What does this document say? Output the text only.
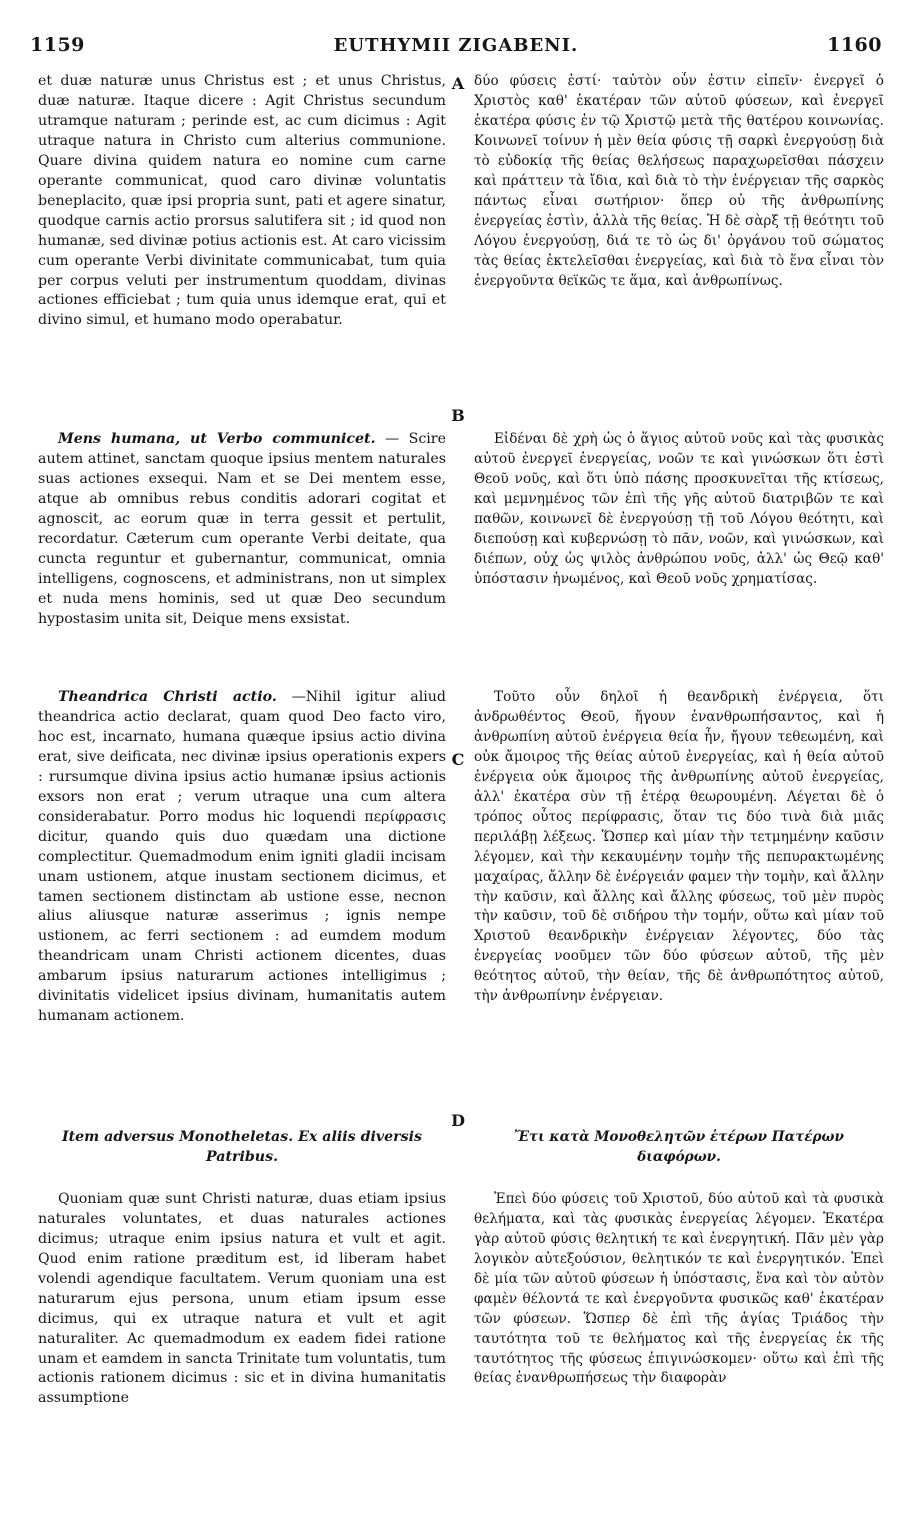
1159	EUTHYMII ZIGABENI.	1160
A
B
C
D

et duæ naturæ unus Christus est ; et unus Christus, duæ naturæ. Itaque dicere : Agit Christus secundum utramque naturam ; perinde est, ac cum dicimus : Agit utraque natura in Christo cum alterius communione. Quare divina quidem natura eo nomine cum carne operante communicat, quod caro divinæ voluntatis beneplacito, quæ ipsi propria sunt, pati et agere sinatur, quodque carnis actio prorsus salutifera sit ; id quod non humanæ, sed divinæ potius actionis est. At caro vicissim cum operante Verbi divinitate communicabat, tum quia per corpus veluti per instrumentum quoddam, divinas actiones efficiebat ; tum quia unus idemque erat, qui et divino simul, et humano modo operabatur.

Mens humana, ut Verbo communicet. — Scire autem attinet, sanctam quoque ipsius mentem naturales suas actiones exsequi. Nam et se Dei mentem esse, atque ab omnibus rebus conditis adorari cogitat et agnoscit, ac eorum quæ in terra gessit et pertulit, recordatur. Cæterum cum operante Verbi deitate, qua cuncta reguntur et gubernantur, communicat, omnia intelligens, cognoscens, et administrans, non ut simplex et nuda mens hominis, sed ut quæ Deo secundum hypostasim unita sit, Deique mens exsistat.

Theandrica Christi actio. —Nihil igitur aliud theandrica actio declarat, quam quod Deo facto viro, hoc est, incarnato, humana quæque ipsius actio divina erat, sive deificata, nec divinæ ipsius operationis expers : rursumque divina ipsius actio humanæ ipsius actionis exsors non erat ; verum utraque una cum altera considerabatur. Porro modus hic loquendi περίφρασις dicitur, quando quis duo quædam una dictione complectitur. Quemadmodum enim igniti gladii incisam unam ustionem, atque inustam sectionem dicimus, et tamen sectionem distinctam ab ustione esse, necnon alius aliusque naturæ asserimus ; ignis nempe ustionem, ac ferri sectionem : ad eumdem modum theandricam unam Christi actionem dicentes, duas ambarum ipsius naturarum actiones intelligimus ; divinitatis videlicet ipsius divinam, humanitatis autem humanam actionem.

Item adversus Monotheletas. Ex aliis diversis Patribus.

Quoniam quæ sunt Christi naturæ, duas etiam ipsius naturales voluntates, et duas naturales actiones dicimus; utraque enim ipsius natura et vult et agit. Quod enim ratione præditum est, id liberam habet volendi agendique facultatem. Verum quoniam una est naturarum ejus persona, unum etiam ipsum esse dicimus, qui ex utraque natura et vult et agit naturaliter. Ac quemadmodum ex eadem fidei ratione unam et eamdem in sancta Trinitate tum voluntatis, tum actionis rationem dicimus : sic et in divina humanitatis assumptione

δύο φύσεις ἐστί· ταὐτὸν οὖν ἐστιν εἰπεῖν· ἐνεργεῖ ὁ Χριστὸς καθ' ἑκατέραν τῶν αὐτοῦ φύσεων, καὶ ἐνεργεῖ ἑκατέρα φύσις ἐν τῷ Χριστῷ μετὰ τῆς θατέρου κοινωνίας. Κοινωνεῖ τοίνυν ἡ μὲν θεία φύσις τῇ σαρκὶ ἐνεργούσῃ διὰ τὸ εὐδοκίᾳ τῆς θείας θελήσεως παραχωρεῖσθαι πάσχειν καὶ πράττειν τὰ ἴδια, καὶ διὰ τὸ τὴν ἐνέργειαν τῆς σαρκὸς πάντως εἶναι σωτήριον· ὅπερ οὐ τῆς ἀνθρωπίνης ἐνεργείας ἐστὶν, ἀλλὰ τῆς θείας. Ἡ δὲ σὰρξ τῇ θεότητι τοῦ Λόγου ἐνεργούσῃ, διά τε τὸ ὡς δι' ὀργάνου τοῦ σώματος τὰς θείας ἐκτελεῖσθαι ἐνεργείας, καὶ διὰ τὸ ἕνα εἶναι τὸν ἐνεργοῦντα θεϊκῶς τε ἅμα, καὶ ἀνθρωπίνως.

Εἰδέναι δὲ χρὴ ὡς ὁ ἅγιος αὐτοῦ νοῦς καὶ τὰς φυσικὰς αὐτοῦ ἐνεργεῖ ἐνεργείας, νοῶν τε καὶ γινώσκων ὅτι ἐστὶ Θεοῦ νοῦς, καὶ ὅτι ὑπὸ πάσης προσκυνεῖται τῆς κτίσεως, καὶ μεμνημένος τῶν ἐπὶ τῆς γῆς αὐτοῦ διατριβῶν τε καὶ παθῶν, κοινωνεῖ δὲ ἐνεργούσῃ τῇ τοῦ Λόγου θεότητι, καὶ διεπούσῃ καὶ κυβερνώσῃ τὸ πᾶν, νοῶν, καὶ γινώσκων, καὶ διέπων, οὐχ ὡς ψιλὸς ἀνθρώπου νοῦς, ἀλλ' ὡς Θεῷ καθ' ὑπόστασιν ἡνωμένος, καὶ Θεοῦ νοῦς χρηματίσας.

Τοῦτο οὖν δηλοῖ ἡ θεανδρικὴ ἐνέργεια, ὅτι ἀνδρωθέντος Θεοῦ, ἤγουν ἐνανθρωπήσαντος, καὶ ἡ ἀνθρωπίνη αὐτοῦ ἐνέργεια θεία ἦν, ἤγουν τεθεωμένη, καὶ οὐκ ἄμοιρος τῆς θείας αὐτοῦ ἐνεργείας, καὶ ἡ θεία αὐτοῦ ἐνέργεια οὐκ ἄμοιρος τῆς ἀνθρωπίνης αὐτοῦ ἐνεργείας, ἀλλ' ἑκατέρα σὺν τῇ ἑτέρᾳ θεωρουμένη. Λέγεται δὲ ὁ τρόπος οὗτος περίφρασις, ὅταν τις δύο τινὰ διὰ μιᾶς περιλάβῃ λέξεως. Ὥσπερ καὶ μίαν τὴν τετμημένην καῦσιν λέγομεν, καὶ τὴν κεκαυμένην τομὴν τῆς πεπυρακτωμένης μαχαίρας, ἄλλην δὲ ἐνέργειάν φαμεν τὴν τομὴν, καὶ ἄλλην τὴν καῦσιν, καὶ ἄλλης καὶ ἄλλης φύσεως, τοῦ μὲν πυρὸς τὴν καῦσιν, τοῦ δὲ σιδήρου τὴν τομήν, οὕτω καὶ μίαν τοῦ Χριστοῦ θεανδρικὴν ἐνέργειαν λέγοντες, δύο τὰς ἐνεργείας νοοῦμεν τῶν δύο φύσεων αὐτοῦ, τῆς μὲν θεότητος αὐτοῦ, τὴν θείαν, τῆς δὲ ἀνθρωπότητος αὐτοῦ, τὴν ἀνθρωπίνην ἐνέργειαν.

Ἔτι κατὰ Μονοθελητῶν ἑτέρων Πατέρων διαφόρων.

Ἐπεὶ δύο φύσεις τοῦ Χριστοῦ, δύο αὐτοῦ καὶ τὰ φυσικὰ θελήματα, καὶ τὰς φυσικὰς ἐνεργείας λέγομεν. Ἑκατέρα γὰρ αὐτοῦ φύσις θελητική τε καὶ ἐνεργητική. Πᾶν μὲν γὰρ λογικὸν αὐτεξούσιον, θελητικόν τε καὶ ἐνεργητικόν. Ἐπεὶ δὲ μία τῶν αὐτοῦ φύσεων ἡ ὑπόστασις, ἕνα καὶ τὸν αὐτὸν φαμὲν θέλοντά τε καὶ ἐνεργοῦντα φυσικῶς καθ' ἑκατέραν τῶν φύσεων. Ὥσπερ δὲ ἐπὶ τῆς ἁγίας Τριάδος τὴν ταυτότητα τοῦ τε θελήματος καὶ τῆς ἐνεργείας ἐκ τῆς ταυτότητος τῆς φύσεως ἐπιγινώσκομεν· οὕτω καὶ ἐπὶ τῆς θείας ἐνανθρωπήσεως τὴν διαφορὰν
